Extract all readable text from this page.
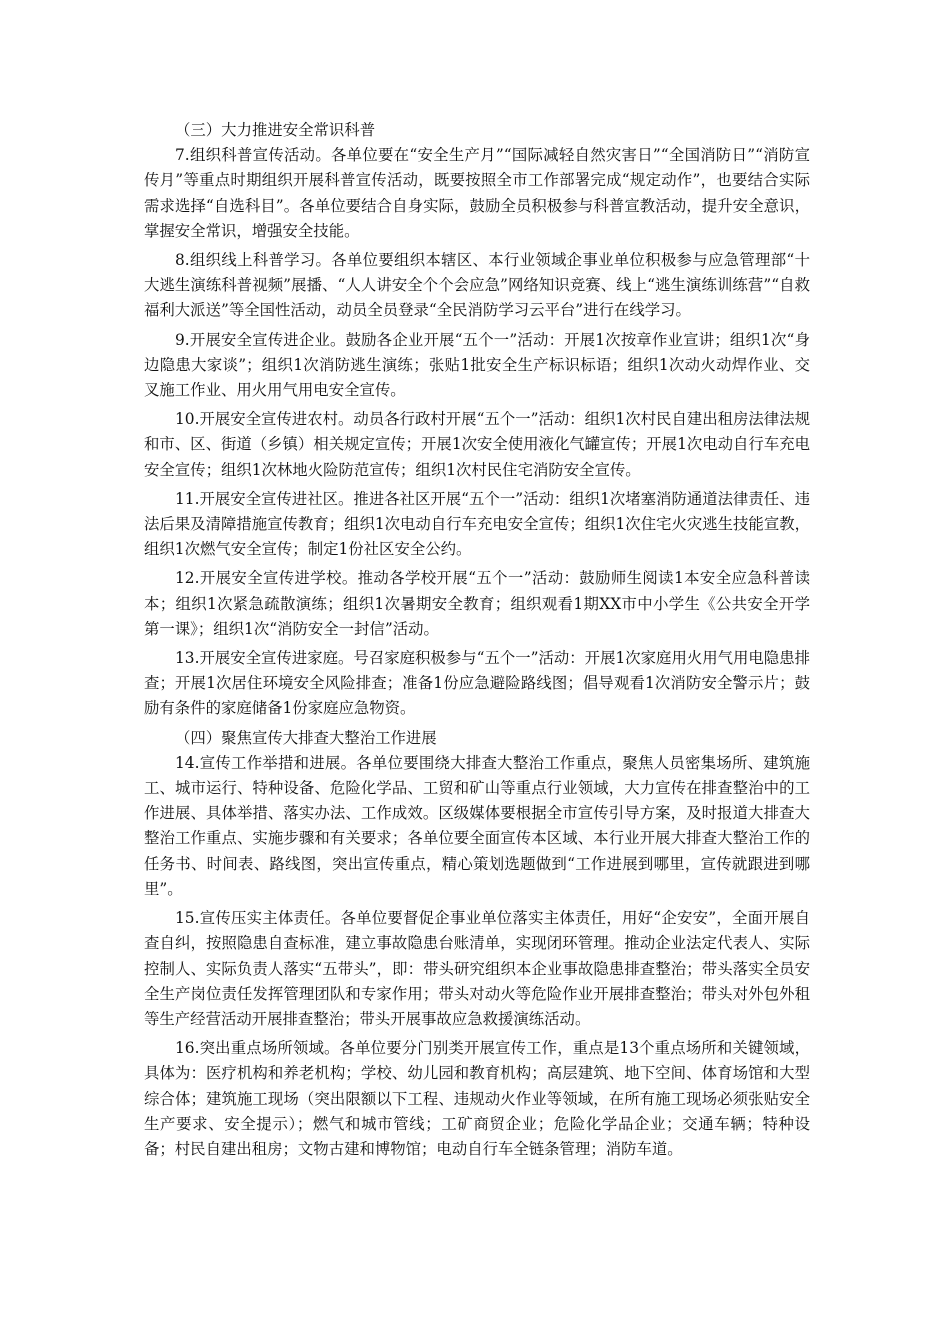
（三）大力推进安全常识科普

7.组织科普宣传活动。各单位要在“安全生产月”“国际减轻自然灾害日”“全国消防日”“消防宣传月”等重点时期组织开展科普宣传活动，既要按照全市工作部署完成“规定动作”，也要结合实际需求选择“自选科目”。各单位要结合自身实际，鼓励全员积极参与科普宣教活动，提升安全意识，掌握安全常识，增强安全技能。

8.组织线上科普学习。各单位要组织本辖区、本行业领域企事业单位积极参与应急管理部“十大逃生演练科普视频”展播、“人人讲安全个个会应急”网络知识竞赛、线上“逃生演练训练营”“自救福利大派送”等全国性活动，动员全员登录“全民消防学习云平台”进行在线学习。

9.开展安全宣传进企业。鼓励各企业开展“五个一”活动：开展1次按章作业宣讲；组织1次“身边隐患大家谈”；组织1次消防逃生演练；张贴1批安全生产标识标语；组织1次动火动焊作业、交叉施工作业、用火用气用电安全宣传。

10.开展安全宣传进农村。动员各行政村开展“五个一”活动：组织1次村民自建出租房法律法规和市、区、街道（乡镇）相关规定宣传；开展1次安全使用液化气罐宣传；开展1次电动自行车充电安全宣传；组织1次林地火险防范宣传；组织1次村民住宅消防安全宣传。

11.开展安全宣传进社区。推进各社区开展“五个一”活动：组织1次堵塞消防通道法律责任、违法后果及清障措施宣传教育；组织1次电动自行车充电安全宣传；组织1次住宅火灾逃生技能宣教，组织1次燃气安全宣传；制定1份社区安全公约。

12.开展安全宣传进学校。推动各学校开展“五个一”活动：鼓励师生阅读1本安全应急科普读本；组织1次紧急疏散演练；组织1次暑期安全教育；组织观看1期XX市中小学生《公共安全开学第一课》；组织1次“消防安全一封信”活动。

13.开展安全宣传进家庭。号召家庭积极参与“五个一”活动：开展1次家庭用火用气用电隐患排查；开展1次居住环境安全风险排查；准备1份应急避险路线图；倡导观看1次消防安全警示片；鼓励有条件的家庭储备1份家庭应急物资。

（四）聚焦宣传大排查大整治工作进展

14.宣传工作举措和进展。各单位要围绕大排查大整治工作重点，聚焦人员密集场所、建筑施工、城市运行、特种设备、危险化学品、工贸和矿山等重点行业领域，大力宣传在排查整治中的工作进展、具体举措、落实办法、工作成效。区级媒体要根据全市宣传引导方案，及时报道大排查大整治工作重点、实施步骤和有关要求；各单位要全面宣传本区域、本行业开展大排查大整治工作的任务书、时间表、路线图，突出宣传重点，精心策划选题做到“工作进展到哪里，宣传就跟进到哪里”。

15.宣传压实主体责任。各单位要督促企事业单位落实主体责任，用好“企安安”，全面开展自查自纠，按照隐患自查标准，建立事故隐患台账清单，实现闭环管理。推动企业法定代表人、实际控制人、实际负责人落实“五带头”，即：带头研究组织本企业事故隐患排查整治；带头落实全员安全生产岗位责任发挥管理团队和专家作用；带头对动火等危险作业开展排查整治；带头对外包外租等生产经营活动开展排查整治；带头开展事故应急救援演练活动。

16.突出重点场所领域。各单位要分门别类开展宣传工作，重点是13个重点场所和关键领域，具体为：医疗机构和养老机构；学校、幼儿园和教育机构；高层建筑、地下空间、体育场馆和大型综合体；建筑施工现场（突出限额以下工程、违规动火作业等领域，在所有施工现场必须张贴安全生产要求、安全提示）；燃气和城市管线；工矿商贸企业；危险化学品企业；交通车辆；特种设备；村民自建出租房；文物古建和博物馆；电动自行车全链条管理；消防车道。
